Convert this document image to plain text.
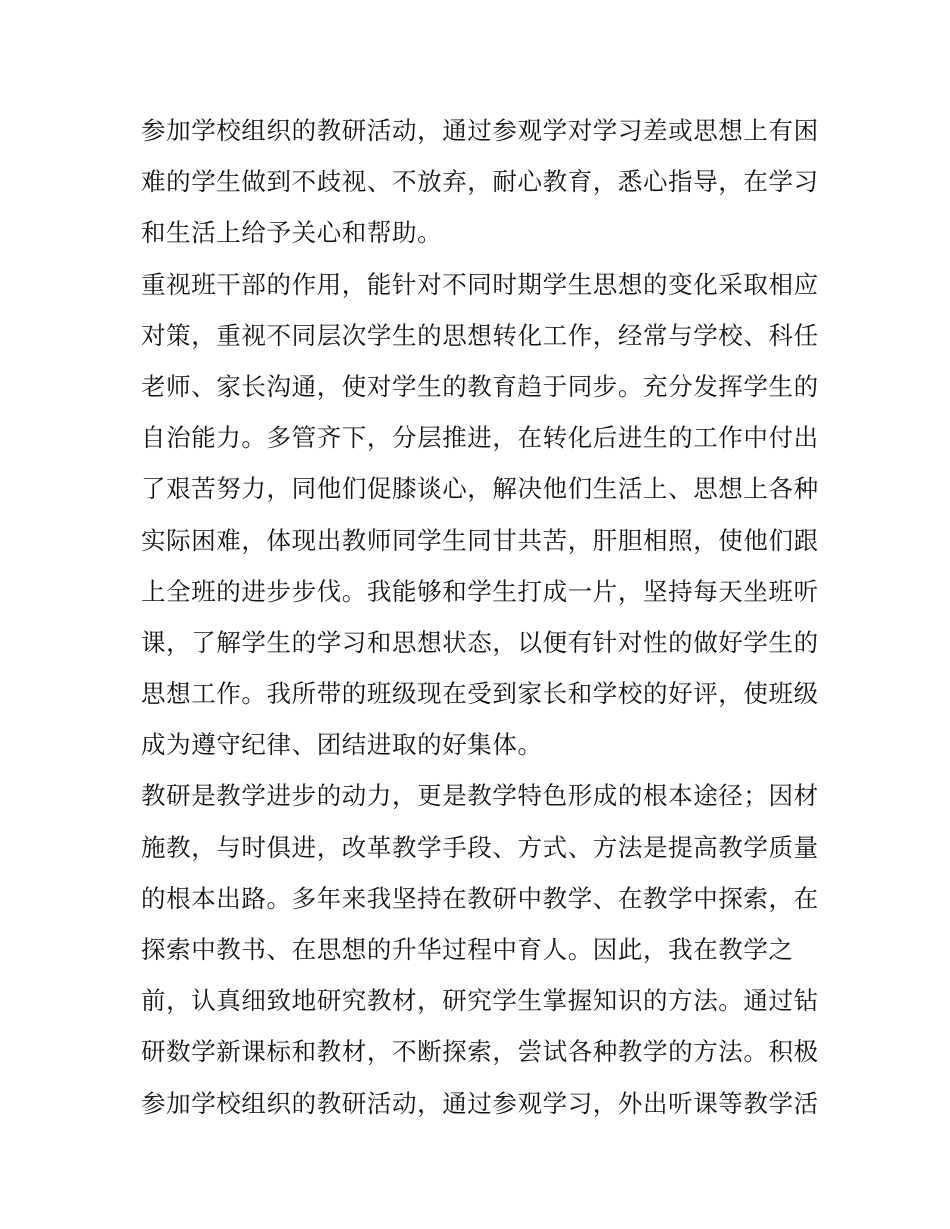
参加学校组织的教研活动，通过参观学对学习差或思想上有困
难的学生做到不歧视、不放弃，耐心教育，悉心指导，在学习
和生活上给予关心和帮助。
重视班干部的作用，能针对不同时期学生思想的变化采取相应
对策，重视不同层次学生的思想转化工作，经常与学校、科任
老师、家长沟通，使对学生的教育趋于同步。充分发挥学生的
自治能力。多管齐下，分层推进，在转化后进生的工作中付出
了艰苦努力，同他们促膝谈心，解决他们生活上、思想上各种
实际困难，体现出教师同学生同甘共苦，肝胆相照，使他们跟
上全班的进步步伐。我能够和学生打成一片，坚持每天坐班听
课，了解学生的学习和思想状态，以便有针对性的做好学生的
思想工作。我所带的班级现在受到家长和学校的好评，使班级
成为遵守纪律、团结进取的好集体。
教研是教学进步的动力，更是教学特色形成的根本途径；因材
施教，与时俱进，改革教学手段、方式、方法是提高教学质量
的根本出路。多年来我坚持在教研中教学、在教学中探索，在
探索中教书、在思想的升华过程中育人。因此，我在教学之
前，认真细致地研究教材，研究学生掌握知识的方法。通过钻
研数学新课标和教材，不断探索，尝试各种教学的方法。积极
参加学校组织的教研活动，通过参观学习，外出听课等教学活
